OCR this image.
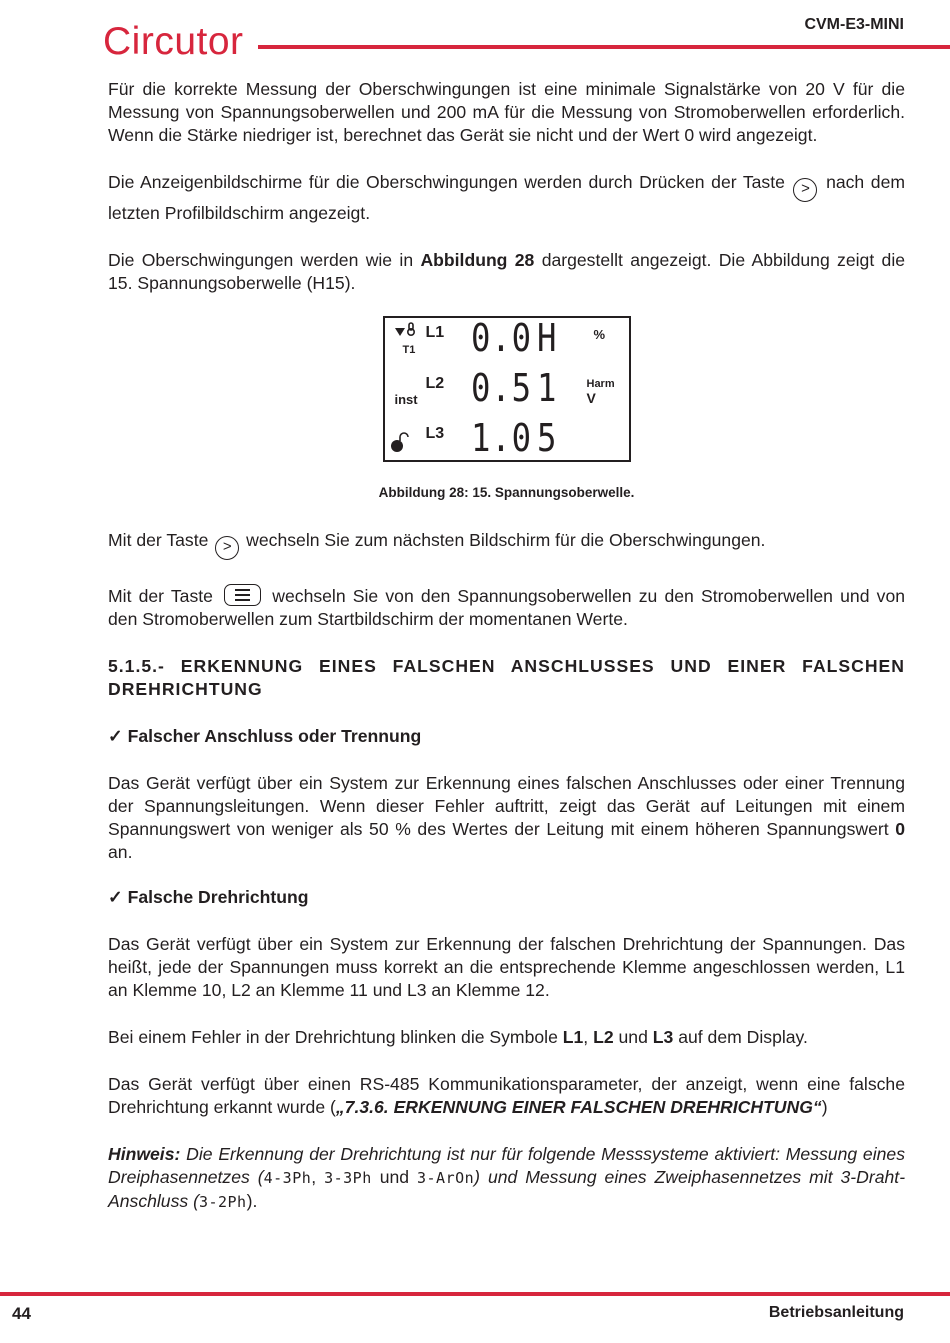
Circutor	CVM-E3-MINI

Für die korrekte Messung der Oberschwingungen ist eine minimale Signalstärke von 20 V für die Messung von Spannungsoberwellen und 200 mA für die Messung von Stromoberwellen erforderlich. Wenn die Stärke niedriger ist, berechnet das Gerät sie nicht und der Wert 0 wird angezeigt.

Die Anzeigenbildschirme für die Oberschwingungen werden durch Drücken der Taste > nach dem letzten Profilbildschirm angezeigt.

Die Oberschwingungen werden wie in Abbildung 28 dargestellt angezeigt. Die Abbildung zeigt die 15. Spannungsoberwelle (H15).

T1
L1
L2
L3
inst
0.0 H
0.5 1
1.0 5
%
Harm
V

Abbildung 28: 15. Spannungsoberwelle.

Mit der Taste > wechseln Sie zum nächsten Bildschirm für die Oberschwingungen.

Mit der Taste	wechseln Sie von den Spannungsoberwellen zu den Stromoberwellen und von den Stromoberwellen zum Startbildschirm der momentanen Werte.

5.1.5.- ERKENNUNG EINES FALSCHEN ANSCHLUSSES UND EINER FALSCHEN DREHRICHTUNG

✓ Falscher Anschluss oder Trennung

Das Gerät verfügt über ein System zur Erkennung eines falschen Anschlusses oder einer Trennung der Spannungsleitungen. Wenn dieser Fehler auftritt, zeigt das Gerät auf Leitungen mit einem Spannungswert von weniger als 50 % des Wertes der Leitung mit einem höheren Spannungswert 0 an.

✓ Falsche Drehrichtung

Das Gerät verfügt über ein System zur Erkennung der falschen Drehrichtung der Spannungen. Das heißt, jede der Spannungen muss korrekt an die entsprechende Klemme angeschlossen werden, L1 an Klemme 10, L2 an Klemme 11 und L3 an Klemme 12.

Bei einem Fehler in der Drehrichtung blinken die Symbole L1, L2 und L3 auf dem Display.

Das Gerät verfügt über einen RS-485 Kommunikationsparameter, der anzeigt, wenn eine falsche Drehrichtung erkannt wurde („7.3.6. ERKENNUNG EINER FALSCHEN DREHRICHTUNG“)

Hinweis: Die Erkennung der Drehrichtung ist nur für folgende Messsysteme aktiviert: Messung eines Dreiphasennetzes (4-3Ph, 3-3Ph und 3-ArOn) und Messung eines Zweiphasennetzes mit 3-Draht-Anschluss (3-2Ph).

44	Betriebsanleitung
